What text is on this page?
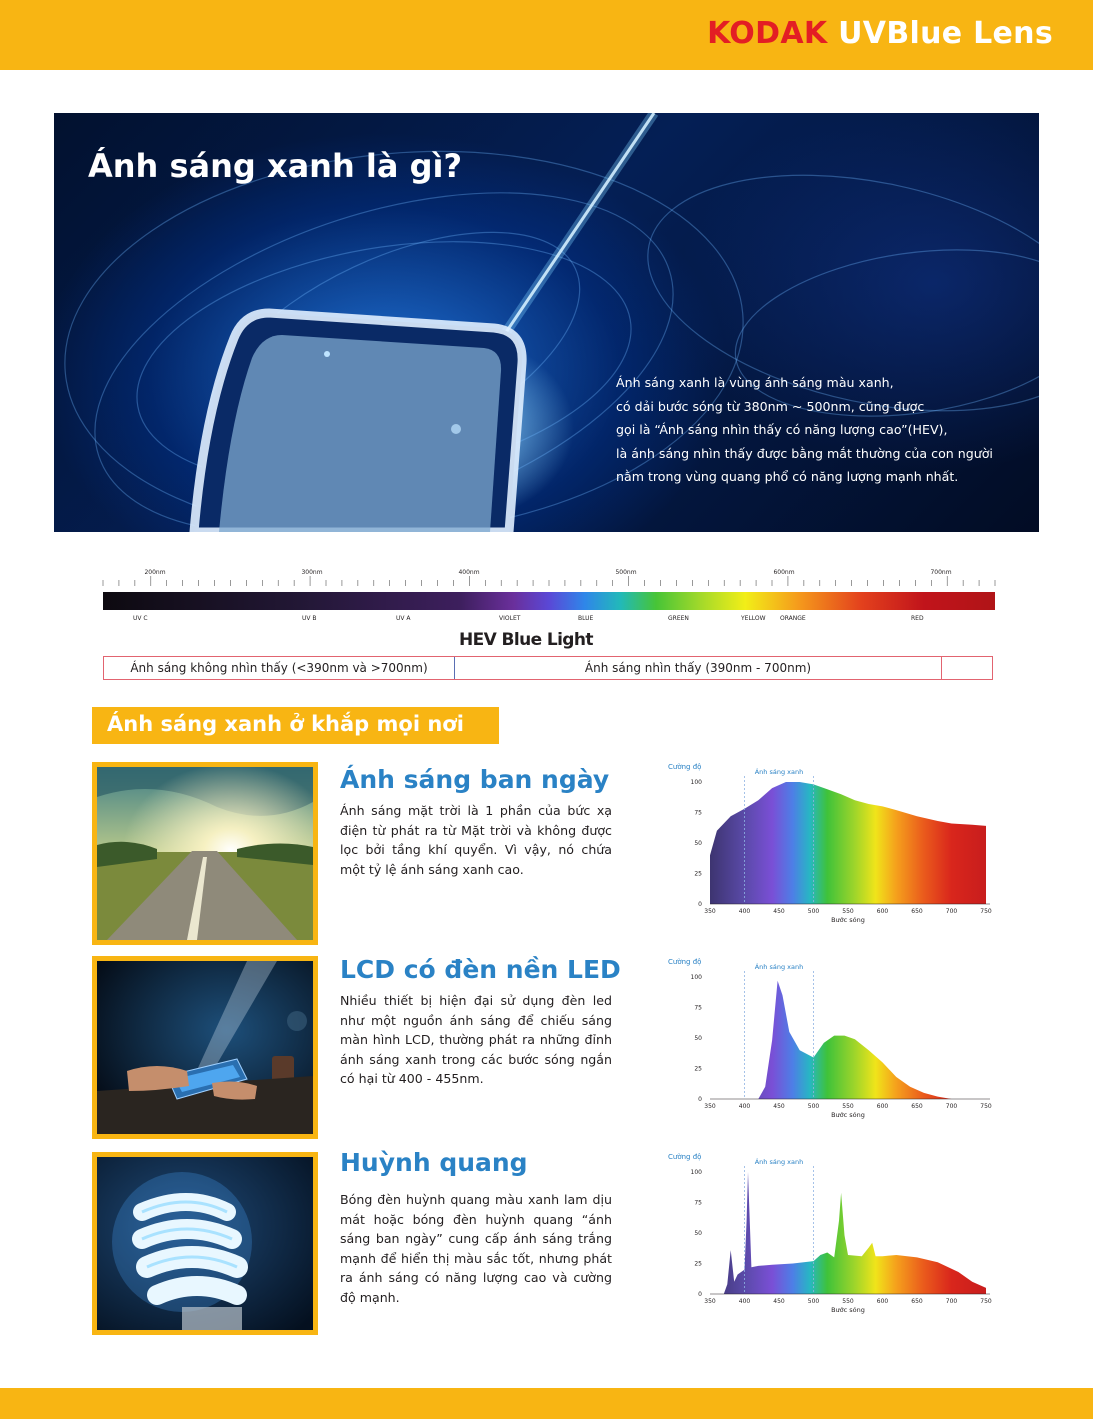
KODAK UVBlue Lens
Ánh sáng xanh là gì?
Ánh sáng xanh là vùng ánh sáng màu xanh,
có dải bước sóng từ 380nm ~ 500nm, cũng được
gọi là “Ánh sáng nhìn thấy có năng lượng cao”(HEV),
là ánh sáng nhìn thấy được bằng mắt thường của con người
nằm trong vùng quang phổ có năng lượng mạnh nhất.
200nm	300nm	400nm	500nm	600nm	700nm
UV C	UV B	UV A	VIOLET	BLUE	GREEN	YELLOW ORANGE	RED
HEV Blue Light
Ánh sáng không nhìn thấy (<390nm và >700nm)	Ánh sáng nhìn thấy (390nm - 700nm)
Ánh sáng xanh ở khắp mọi nơi
Ánh sáng ban ngày
Ánh sáng mặt trời là 1 phần của bức xạ điện từ phát ra từ Mặt trời và không được lọc bởi tầng khí quyển. Vì vậy, nó chứa một tỷ lệ ánh sáng xanh cao.
Cường độ
0
25
50
75
100
Ánh sáng xanh
350	400	450	500	550	600	650	700	750
Bước sóng
LCD có đèn nền LED
Nhiều thiết bị hiện đại sử dụng đèn led như một nguồn ánh sáng để chiếu sáng màn hình LCD, thường phát ra những đỉnh ánh sáng xanh trong các bước sóng ngắn có hại từ 400 - 455nm.
Cường độ
0
25
50
75
100
Ánh sáng xanh
350	400	450	500	550	600	650	700	750
Bước sóng
Huỳnh quang
Bóng đèn huỳnh quang màu xanh lam dịu mát hoặc bóng đèn huỳnh quang “ánh sáng ban ngày” cung cấp ánh sáng trắng mạnh để hiển thị màu sắc tốt, nhưng phát ra ánh sáng có năng lượng cao và cường độ mạnh.
Cường độ
0
25
50
75
100
Ánh sáng xanh
350	400	450	500	550	600	650	700	750
Bước sóng
